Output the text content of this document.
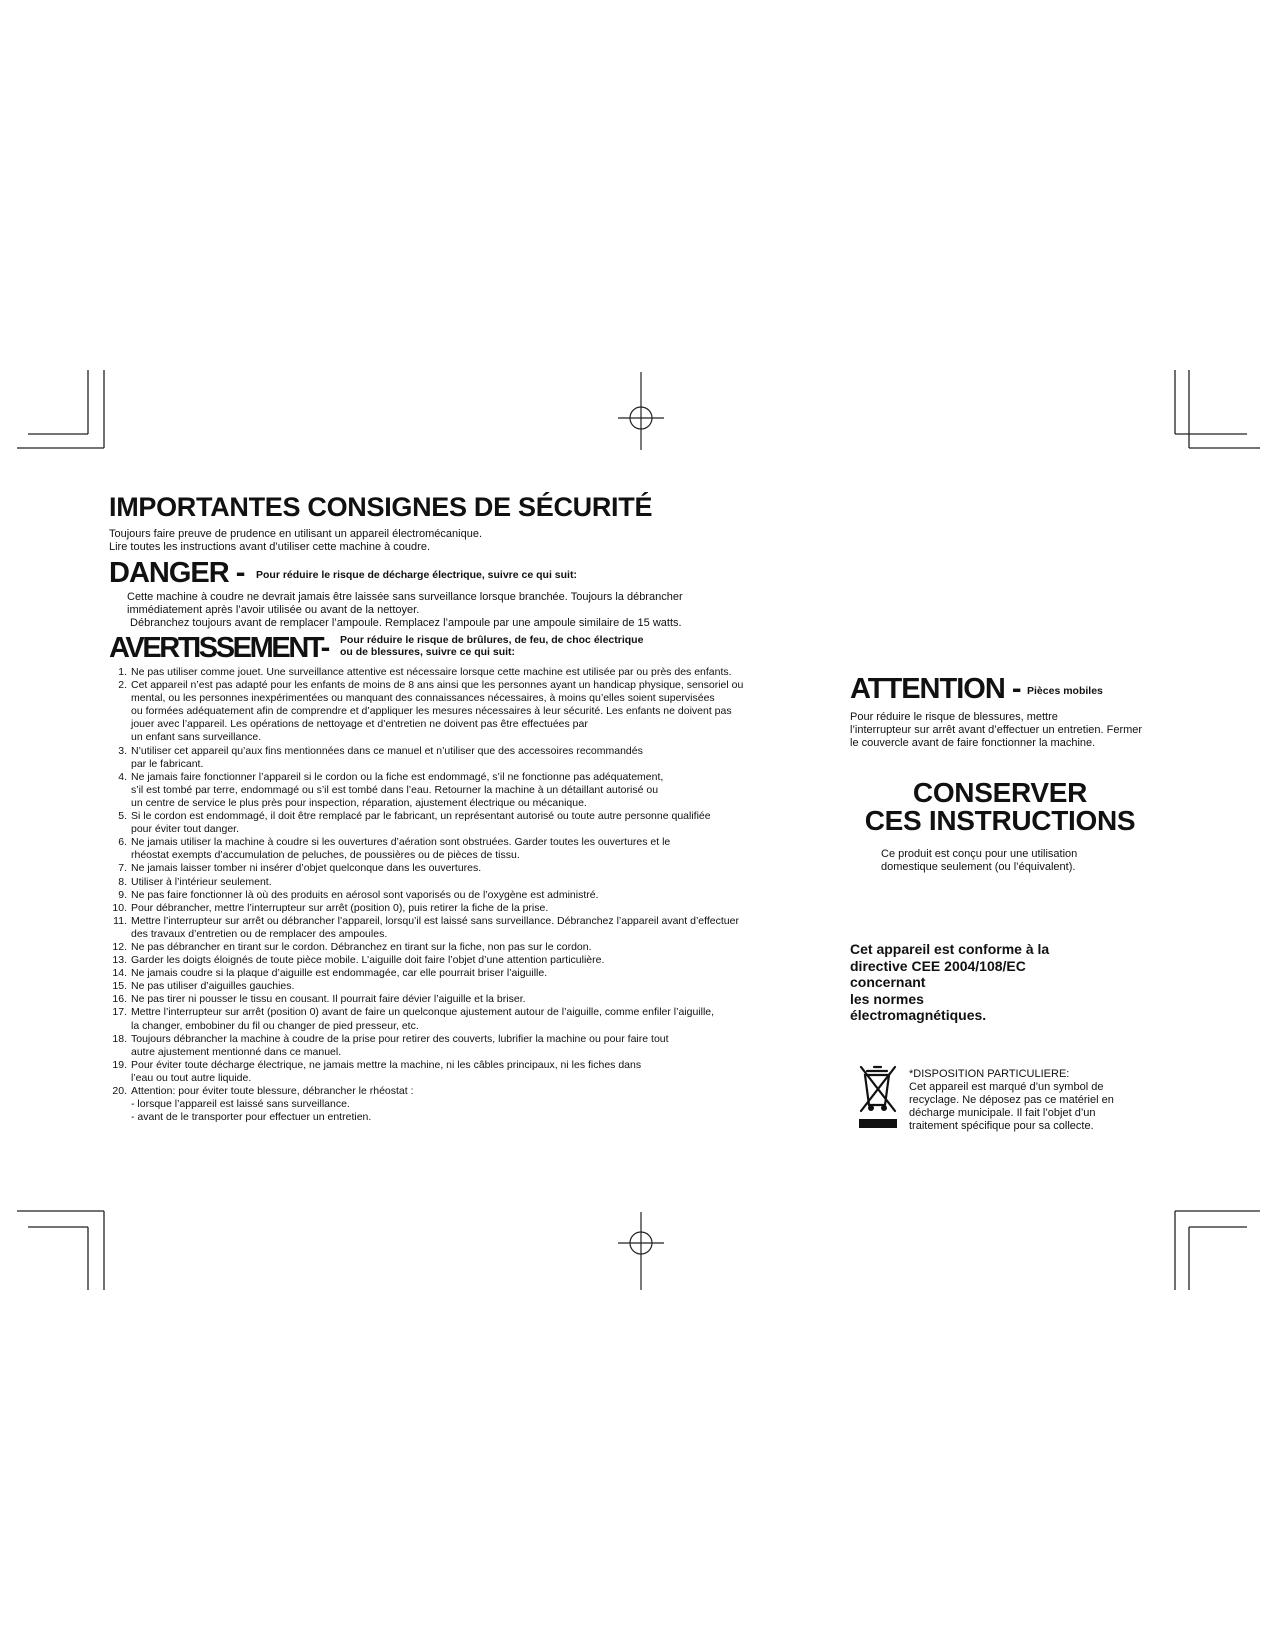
IMPORTANTES CONSIGNES DE SÉCURITÉ
Toujours faire preuve de prudence en utilisant un appareil électromécanique.
Lire toutes les instructions avant d’utiliser cette machine à coudre.
DANGER - Pour réduire le risque de décharge électrique, suivre ce qui suit:
Cette machine à coudre ne devrait jamais être laissée sans surveillance lorsque branchée. Toujours la débrancher
immédiatement après l’avoir utilisée ou avant de la nettoyer.
Débranchez toujours avant de remplacer l’ampoule. Remplacez l’ampoule par une ampoule similaire de 15 watts.
AVERTISSEMENT- Pour réduire le risque de brûlures, de feu, de choc électrique
ou de blessures, suivre ce qui suit:
1. Ne pas utiliser comme jouet. Une surveillance attentive est nécessaire lorsque cette machine est utilisée par ou près des enfants.
2. Cet appareil n’est pas adapté pour les enfants de moins de 8 ans ainsi que les personnes ayant un handicap physique, sensoriel ou
mental, ou les personnes inexpérimentées ou manquant des connaissances nécessaires, à moins qu’elles soient supervisées
ou formées adéquatement afin de comprendre et d’appliquer les mesures nécessaires à leur sécurité. Les enfants ne doivent pas
jouer avec l’appareil. Les opérations de nettoyage et d’entretien ne doivent pas être effectuées par
un enfant sans surveillance.
3. N’utiliser cet appareil qu’aux fins mentionnées dans ce manuel et n’utiliser que des accessoires recommandés
par le fabricant.
4. Ne jamais faire fonctionner l’appareil si le cordon ou la fiche est endommagé, s’il ne fonctionne pas adéquatement,
s’il est tombé par terre, endommagé ou s’il est tombé dans l’eau. Retourner la machine à un détaillant autorisé ou
un centre de service le plus près pour inspection, réparation, ajustement électrique ou mécanique.
5. Si le cordon est endommagé, il doit être remplacé par le fabricant, un représentant autorisé ou toute autre personne qualifiée
pour éviter tout danger.
6. Ne jamais utiliser la machine à coudre si les ouvertures d’aération sont obstruées. Garder toutes les ouvertures et le
rhéostat exempts d’accumulation de peluches, de poussières ou de pièces de tissu.
7. Ne jamais laisser tomber ni insérer d’objet quelconque dans les ouvertures.
8. Utiliser à l’intérieur seulement.
9. Ne pas faire fonctionner là où des produits en aérosol sont vaporisés ou de l’oxygène est administré.
10. Pour débrancher, mettre l’interrupteur sur arrêt (position 0), puis retirer la fiche de la prise.
11. Mettre l’interrupteur sur arrêt ou débrancher l’appareil, lorsqu’il est laissé sans surveillance. Débranchez l’appareil avant d’effectuer
des travaux d’entretien ou de remplacer des ampoules.
12. Ne pas débrancher en tirant sur le cordon. Débranchez en tirant sur la fiche, non pas sur le cordon.
13. Garder les doigts éloignés de toute pièce mobile. L’aiguille doit faire l’objet d’une attention particulière.
14. Ne jamais coudre si la plaque d’aiguille est endommagée, car elle pourrait briser l’aiguille.
15. Ne pas utiliser d’aiguilles gauchies.
16. Ne pas tirer ni pousser le tissu en cousant. Il pourrait faire dévier l’aiguille et la briser.
17. Mettre l’interrupteur sur arrêt (position 0) avant de faire un quelconque ajustement autour de l’aiguille, comme enfiler l’aiguille,
la changer, embobiner du fil ou changer de pied presseur, etc.
18. Toujours débrancher la machine à coudre de la prise pour retirer des couverts, lubrifier la machine ou pour faire tout
autre ajustement mentionné dans ce manuel.
19. Pour éviter toute décharge électrique, ne jamais mettre la machine, ni les câbles principaux, ni les fiches dans
l’eau ou tout autre liquide.
20. Attention: pour éviter toute blessure, débrancher le rhéostat :
- lorsque l’appareil est laissé sans surveillance.
- avant de le transporter pour effectuer un entretien.
ATTENTION - Pièces mobiles
Pour réduire le risque de blessures, mettre
l’interrupteur sur arrêt avant d’effectuer un entretien. Fermer
le couvercle avant de faire fonctionner la machine.
CONSERVER
CES INSTRUCTIONS
Ce produit est conçu pour une utilisation
domestique seulement (ou l’équivalent).
Cet appareil est conforme à la
directive CEE 2004/108/EC
concernant
les normes
électromagnétiques.
*DISPOSITION PARTICULIERE:
Cet appareil est marqué d’un symbol de
recyclage. Ne déposez pas ce matériel en
décharge municipale. Il fait l’objet d’un
traitement spécifique pour sa collecte.
